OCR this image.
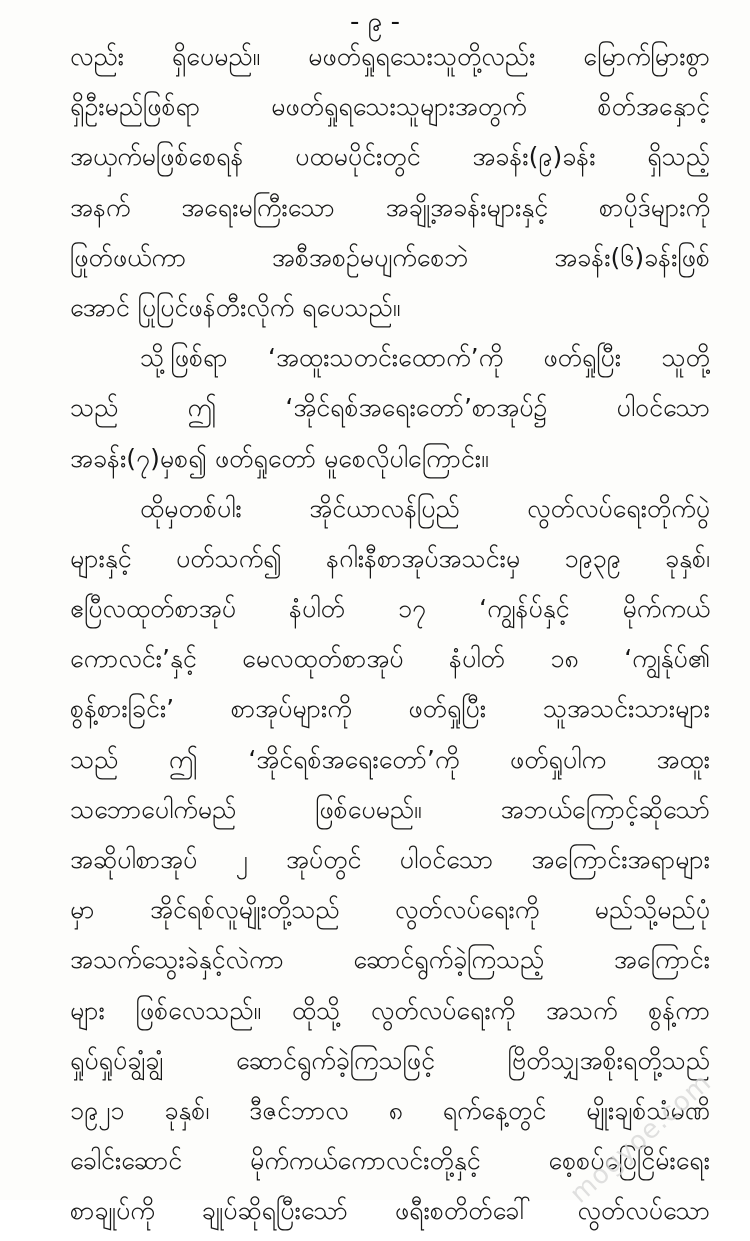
- ၉ -
လည်း ရှိပေမည်။ မဖတ်ရှုရသေးသူတို့လည်း မြောက်မြားစွာ
ရှိဦးမည်ဖြစ်ရာ မဖတ်ရှုရသေးသူများအတွက် စိတ်အနှောင့်
အယှက်မဖြစ်စေရန် ပထမပိုင်းတွင် အခန်း(၉)ခန်း ရှိသည့်
အနက် အရေးမကြီးသော အချို့အခန်းများနှင့် စာပိုဒ်များကို
ဖြုတ်ဖယ်ကာ အစီအစဉ်မပျက်စေဘဲ အခန်း(၆)ခန်းဖြစ်
အောင် ပြုပြင်ဖန်တီးလိုက် ရပေသည်။
သို့ဖြစ်ရာ ‘အထူးသတင်းထောက်’ကို ဖတ်ရှုပြီး သူတို့
သည် ဤ ‘အိုင်ရစ်အရေးတော်’စာအုပ်၌ ပါဝင်သော
အခန်း(၇)မှစ၍ ဖတ်ရှုတော် မူစေလိုပါကြောင်း။
ထိုမှတစ်ပါး အိုင်ယာလန်ပြည် လွတ်လပ်ရေးတိုက်ပွဲ
များနှင့် ပတ်သက်၍ နဂါးနီစာအုပ်အသင်းမှ ၁၉၃၉ ခုနှစ်၊
ဧပြီလထုတ်စာအုပ် နံပါတ် ၁၇ ‘ကျွန်ပ်နှင့် မိုက်ကယ်
ကောလင်း’နှင့် မေလထုတ်စာအုပ် နံပါတ် ၁၈ ‘ကျွန်ုပ်၏
စွန့်စားခြင်း’ စာအုပ်များကို ဖတ်ရှုပြီး သူအသင်းသားများ
သည် ဤ ‘အိုင်ရစ်အရေးတော်’ကို ဖတ်ရှုပါက အထူး
သဘောပေါက်မည် ဖြစ်ပေမည်။ အဘယ်ကြောင့်ဆိုသော်
အဆိုပါစာအုပ် ၂ အုပ်တွင် ပါဝင်သော အကြောင်းအရာများ
မှာ အိုင်ရစ်လူမျိုးတို့သည် လွတ်လပ်ရေးကို မည်သို့မည်ပုံ
အသက်သွေးခဲနှင့်လဲကာ ဆောင်ရွက်ခဲ့ကြသည့် အကြောင်း
များ ဖြစ်လေသည်။ ထိုသို့ လွတ်လပ်ရေးကို အသက် စွန့်ကာ
ရှုပ်ရှုပ်ချွံချွံ ဆောင်ရွက်ခဲ့ကြသဖြင့် ဗြိတိသျှအစိုးရတို့သည်
၁၉၂၁ ခုနှစ်၊ ဒီဇင်ဘာလ ၈ ရက်နေ့တွင် မျိုးချစ်သံမဏိ
ခေါင်းဆောင် မိုက်ကယ်ကောလင်းတို့နှင့် စေ့စပ်ပြေငြိမ်းရေး
စာချုပ်ကို ချုပ်ဆိုရပြီးသော် ဖရီးစတိတ်ခေါ် လွတ်လပ်သော
mogyoe.com
